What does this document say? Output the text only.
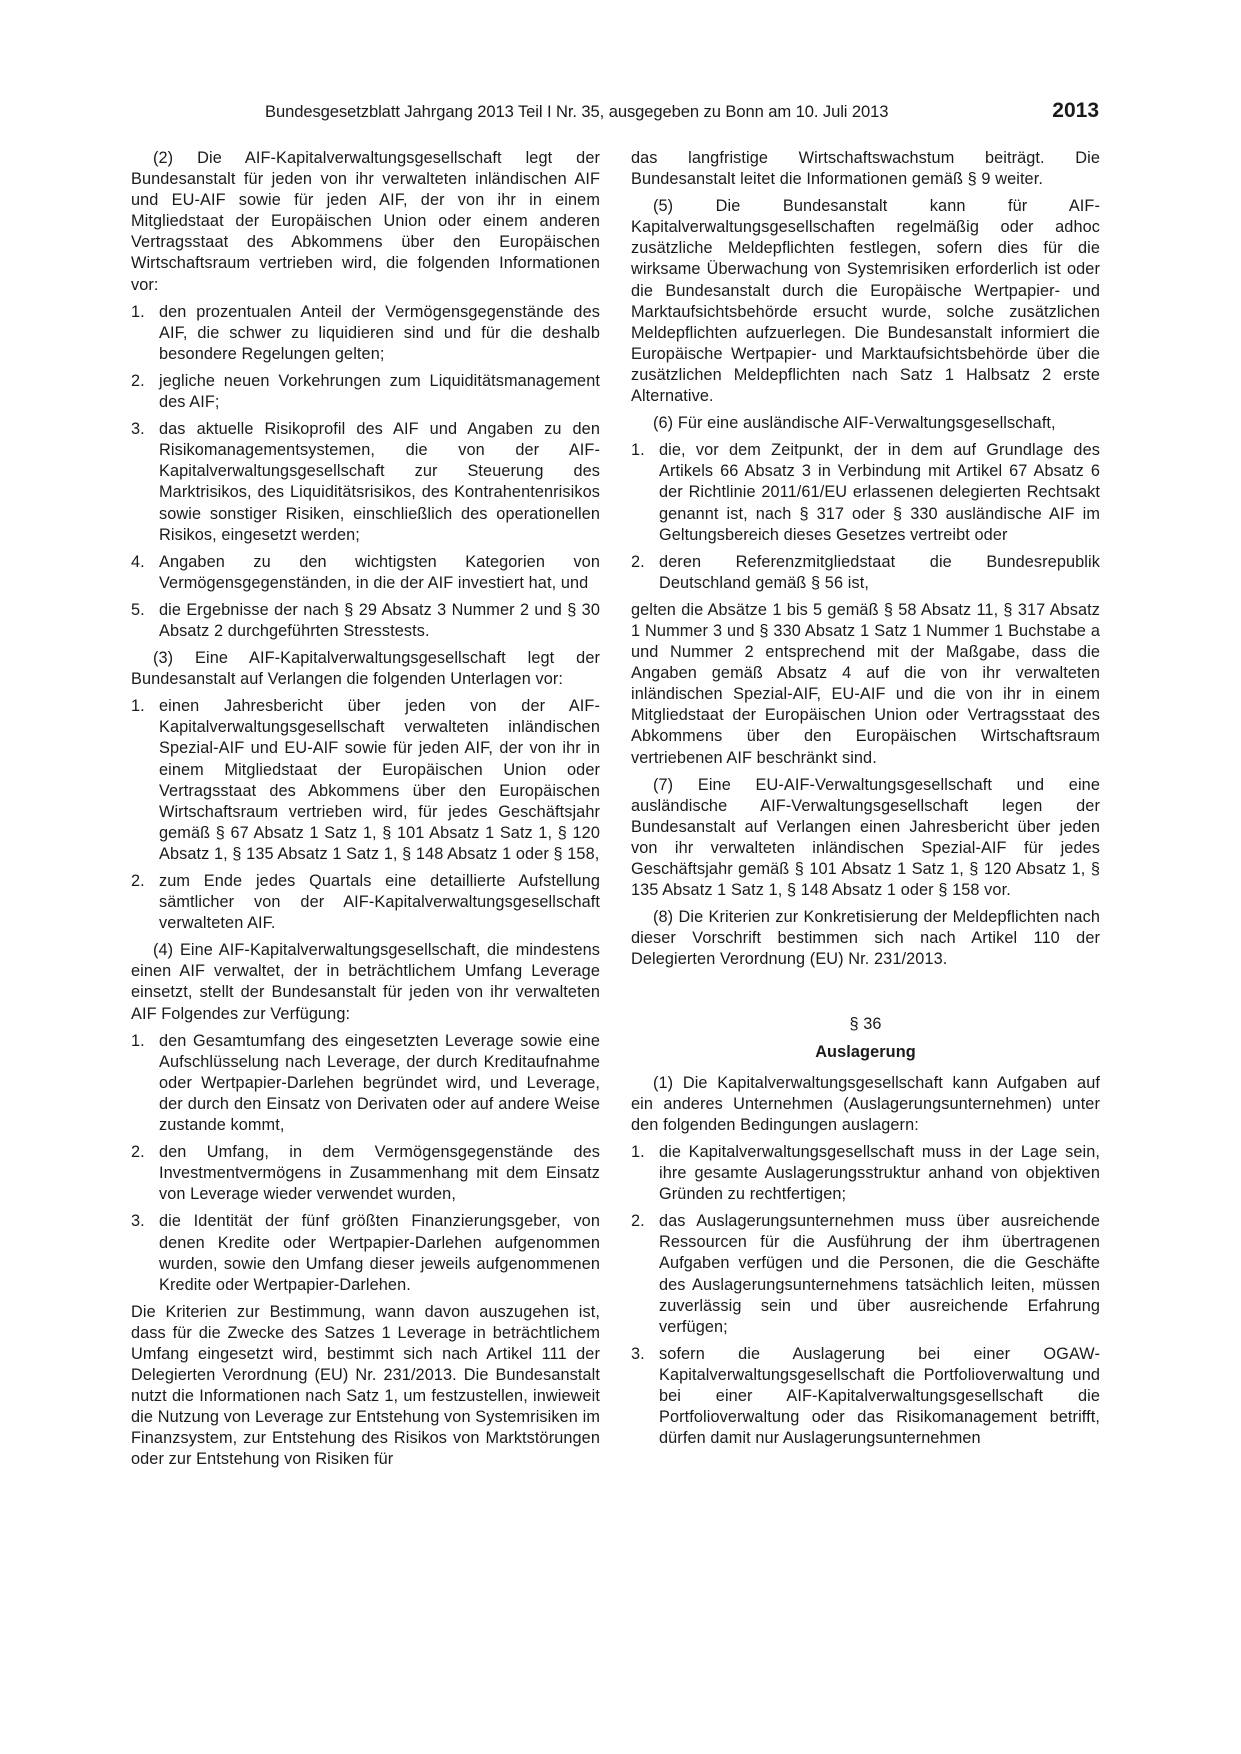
Bundesgesetzblatt Jahrgang 2013 Teil I Nr. 35, ausgegeben zu Bonn am 10. Juli 2013	2013

(2) Die AIF-Kapitalverwaltungsgesellschaft legt der Bundesanstalt für jeden von ihr verwalteten inländischen AIF und EU-AIF sowie für jeden AIF, der von ihr in einem Mitgliedstaat der Europäischen Union oder einem anderen Vertragsstaat des Abkommens über den Europäischen Wirtschaftsraum vertrieben wird, die folgenden Informationen vor:

1. den prozentualen Anteil der Vermögensgegenstände des AIF, die schwer zu liquidieren sind und für die deshalb besondere Regelungen gelten;
2. jegliche neuen Vorkehrungen zum Liquiditätsmanagement des AIF;
3. das aktuelle Risikoprofil des AIF und Angaben zu den Risikomanagementsystemen, die von der AIF-Kapitalverwaltungsgesellschaft zur Steuerung des Marktrisikos, des Liquiditätsrisikos, des Kontrahentenrisikos sowie sonstiger Risiken, einschließlich des operationellen Risikos, eingesetzt werden;
4. Angaben zu den wichtigsten Kategorien von Vermögensgegenständen, in die der AIF investiert hat, und
5. die Ergebnisse der nach § 29 Absatz 3 Nummer 2 und § 30 Absatz 2 durchgeführten Stresstests.

(3) Eine AIF-Kapitalverwaltungsgesellschaft legt der Bundesanstalt auf Verlangen die folgenden Unterlagen vor:

1. einen Jahresbericht über jeden von der AIF-Kapitalverwaltungsgesellschaft verwalteten inländischen Spezial-AIF und EU-AIF sowie für jeden AIF, der von ihr in einem Mitgliedstaat der Europäischen Union oder Vertragsstaat des Abkommens über den Europäischen Wirtschaftsraum vertrieben wird, für jedes Geschäftsjahr gemäß § 67 Absatz 1 Satz 1, § 101 Absatz 1 Satz 1, § 120 Absatz 1, § 135 Absatz 1 Satz 1, § 148 Absatz 1 oder § 158,
2. zum Ende jedes Quartals eine detaillierte Aufstellung sämtlicher von der AIF-Kapitalverwaltungsgesellschaft verwalteten AIF.

(4) Eine AIF-Kapitalverwaltungsgesellschaft, die mindestens einen AIF verwaltet, der in beträchtlichem Umfang Leverage einsetzt, stellt der Bundesanstalt für jeden von ihr verwalteten AIF Folgendes zur Verfügung:

1. den Gesamtumfang des eingesetzten Leverage sowie eine Aufschlüsselung nach Leverage, der durch Kreditaufnahme oder Wertpapier-Darlehen begründet wird, und Leverage, der durch den Einsatz von Derivaten oder auf andere Weise zustande kommt,
2. den Umfang, in dem Vermögensgegenstände des Investmentvermögens in Zusammenhang mit dem Einsatz von Leverage wieder verwendet wurden,
3. die Identität der fünf größten Finanzierungsgeber, von denen Kredite oder Wertpapier-Darlehen aufgenommen wurden, sowie den Umfang dieser jeweils aufgenommenen Kredite oder Wertpapier-Darlehen.

Die Kriterien zur Bestimmung, wann davon auszugehen ist, dass für die Zwecke des Satzes 1 Leverage in beträchtlichem Umfang eingesetzt wird, bestimmt sich nach Artikel 111 der Delegierten Verordnung (EU) Nr. 231/2013. Die Bundesanstalt nutzt die Informationen nach Satz 1, um festzustellen, inwieweit die Nutzung von Leverage zur Entstehung von Systemrisiken im Finanzsystem, zur Entstehung des Risikos von Marktstörungen oder zur Entstehung von Risiken für

das langfristige Wirtschaftswachstum beiträgt. Die Bundesanstalt leitet die Informationen gemäß § 9 weiter.

(5) Die Bundesanstalt kann für AIF-Kapitalverwaltungsgesellschaften regelmäßig oder adhoc zusätzliche Meldepflichten festlegen, sofern dies für die wirksame Überwachung von Systemrisiken erforderlich ist oder die Bundesanstalt durch die Europäische Wertpapier- und Marktaufsichtsbehörde ersucht wurde, solche zusätzlichen Meldepflichten aufzuerlegen. Die Bundesanstalt informiert die Europäische Wertpapier- und Marktaufsichtsbehörde über die zusätzlichen Meldepflichten nach Satz 1 Halbsatz 2 erste Alternative.

(6) Für eine ausländische AIF-Verwaltungsgesellschaft,

1. die, vor dem Zeitpunkt, der in dem auf Grundlage des Artikels 66 Absatz 3 in Verbindung mit Artikel 67 Absatz 6 der Richtlinie 2011/61/EU erlassenen delegierten Rechtsakt genannt ist, nach § 317 oder § 330 ausländische AIF im Geltungsbereich dieses Gesetzes vertreibt oder
2. deren Referenzmitgliedstaat die Bundesrepublik Deutschland gemäß § 56 ist,

gelten die Absätze 1 bis 5 gemäß § 58 Absatz 11, § 317 Absatz 1 Nummer 3 und § 330 Absatz 1 Satz 1 Nummer 1 Buchstabe a und Nummer 2 entsprechend mit der Maßgabe, dass die Angaben gemäß Absatz 4 auf die von ihr verwalteten inländischen Spezial-AIF, EU-AIF und die von ihr in einem Mitgliedstaat der Europäischen Union oder Vertragsstaat des Abkommens über den Europäischen Wirtschaftsraum vertriebenen AIF beschränkt sind.

(7) Eine EU-AIF-Verwaltungsgesellschaft und eine ausländische AIF-Verwaltungsgesellschaft legen der Bundesanstalt auf Verlangen einen Jahresbericht über jeden von ihr verwalteten inländischen Spezial-AIF für jedes Geschäftsjahr gemäß § 101 Absatz 1 Satz 1, § 120 Absatz 1, § 135 Absatz 1 Satz 1, § 148 Absatz 1 oder § 158 vor.

(8) Die Kriterien zur Konkretisierung der Meldepflichten nach dieser Vorschrift bestimmen sich nach Artikel 110 der Delegierten Verordnung (EU) Nr. 231/2013.

§ 36
Auslagerung

(1) Die Kapitalverwaltungsgesellschaft kann Aufgaben auf ein anderes Unternehmen (Auslagerungsunternehmen) unter den folgenden Bedingungen auslagern:

1. die Kapitalverwaltungsgesellschaft muss in der Lage sein, ihre gesamte Auslagerungsstruktur anhand von objektiven Gründen zu rechtfertigen;
2. das Auslagerungsunternehmen muss über ausreichende Ressourcen für die Ausführung der ihm übertragenen Aufgaben verfügen und die Personen, die die Geschäfte des Auslagerungsunternehmens tatsächlich leiten, müssen zuverlässig sein und über ausreichende Erfahrung verfügen;
3. sofern die Auslagerung bei einer OGAW-Kapitalverwaltungsgesellschaft die Portfolioverwaltung und bei einer AIF-Kapitalverwaltungsgesellschaft die Portfolioverwaltung oder das Risikomanagement betrifft, dürfen damit nur Auslagerungsunternehmen
